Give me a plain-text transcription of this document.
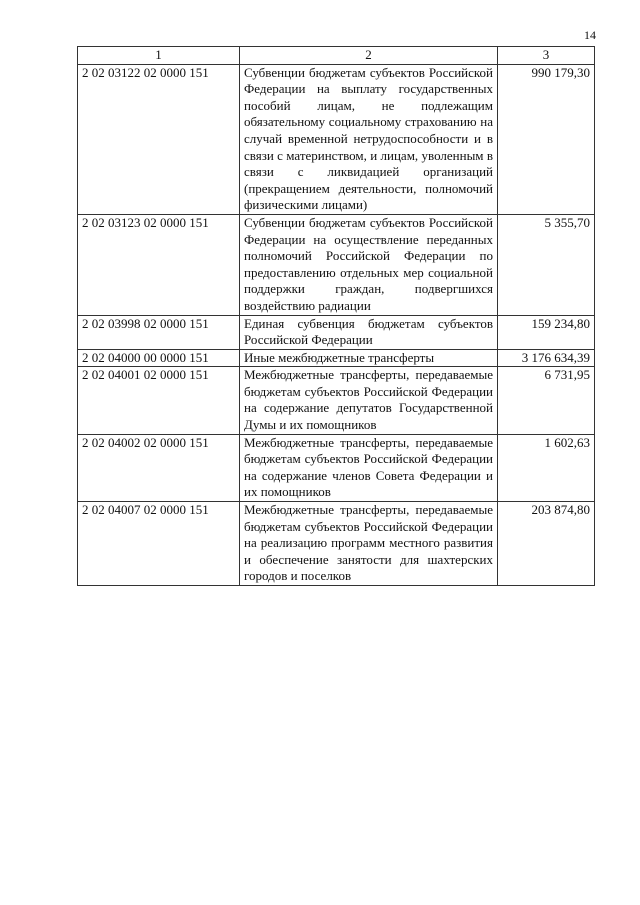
14
1	2	3
2 02 03122 02 0000 151	Субвенции бюджетам субъектов Российской Федерации на выплату государственных пособий лицам, не подлежащим обязательному социальному страхованию на случай временной нетрудоспособности и в связи с материнством, и лицам, уволенным в связи с ликвидацией организаций (прекращением деятельности, полномочий физическими лицами)	990 179,30
2 02 03123 02 0000 151	Субвенции бюджетам субъектов Российской Федерации на осуществление переданных полномочий Российской Федерации по предоставлению отдельных мер социальной поддержки граждан, подвергшихся воздействию радиации	5 355,70
2 02 03998 02 0000 151	Единая субвенция бюджетам субъектов Российской Федерации	159 234,80
2 02 04000 00 0000 151	Иные межбюджетные трансферты	3 176 634,39
2 02 04001 02 0000 151	Межбюджетные трансферты, передаваемые бюджетам субъектов Российской Федерации на содержание депутатов Государственной Думы и их помощников	6 731,95
2 02 04002 02 0000 151	Межбюджетные трансферты, передаваемые бюджетам субъектов Российской Федерации на содержание членов Совета Федерации и их помощников	1 602,63
2 02 04007 02 0000 151	Межбюджетные трансферты, передаваемые бюджетам субъектов Российской Федерации на реализацию программ местного развития и обеспечение занятости для шахтерских городов и поселков	203 874,80
